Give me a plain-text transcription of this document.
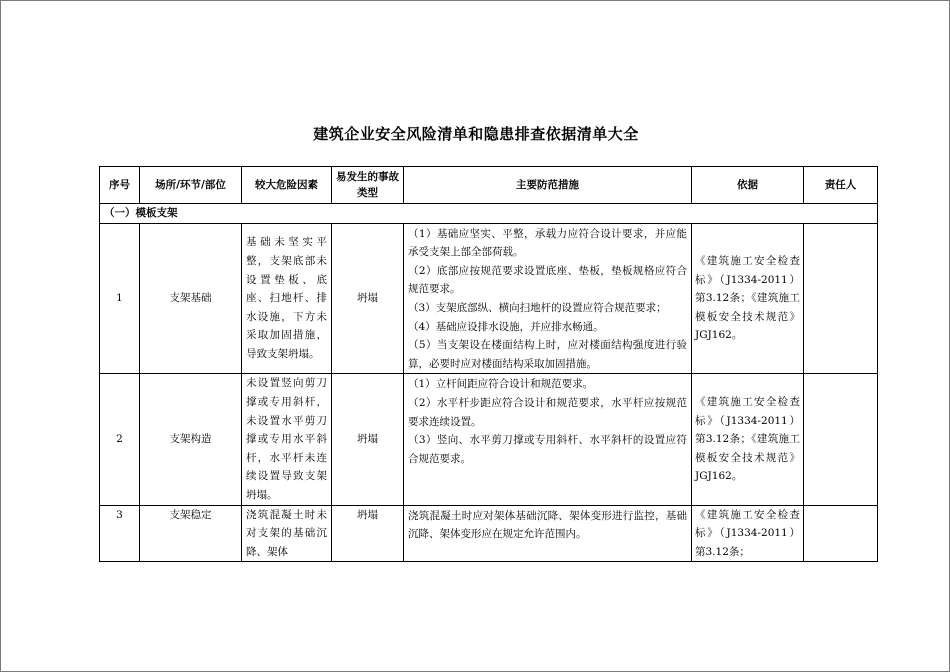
建筑企业安全风险清单和隐患排查依据清单大全
序号	场所/环节/部位	较大危险因素	易发生的事故类型	主要防范措施	依据	责任人
（一）模板支架						
1	支架基础	基础未坚实平整，支架底部未设置垫板、底座、扫地杆、排水设施，下方未采取加固措施，导致支架坍塌。	坍塌	（1）基础应坚实、平整，承载力应符合设计要求，并应能承受支架上部全部荷载。
（2）底部应按规范要求设置底座、垫板，垫板规格应符合规范要求。
（3）支架底部纵、横向扫地杆的设置应符合规范要求；
（4）基础应设排水设施，并应排水畅通。
（5）当支架设在楼面结构上时，应对楼面结构强度进行验算，必要时应对楼面结构采取加固措施。	《建筑施工安全检查标》（J1334-2011）第3.12条；《建筑施工模板安全技术规范》JGJ162。	
2	支架构造	未设置竖向剪刀撑或专用斜杆，未设置水平剪刀撑或专用水平斜杆，水平杆未连续设置导致支架坍塌。	坍塌	（1）立杆间距应符合设计和规范要求。
（2）水平杆步距应符合设计和规范要求，水平杆应按规范要求连续设置。
（3）竖向、水平剪刀撑或专用斜杆、水平斜杆的设置应符合规范要求。	《建筑施工安全检查标》（J1334-2011）第3.12条；《建筑施工模板安全技术规范》JGJ162。	
3	支架稳定	浇筑混凝土时未对支架的基础沉降、架体	坍塌	浇筑混凝土时应对架体基础沉降、架体变形进行监控，基础沉降、架体变形应在规定允许范围内。	《建筑施工安全检查标》（J1334-2011）第3.12条；	
